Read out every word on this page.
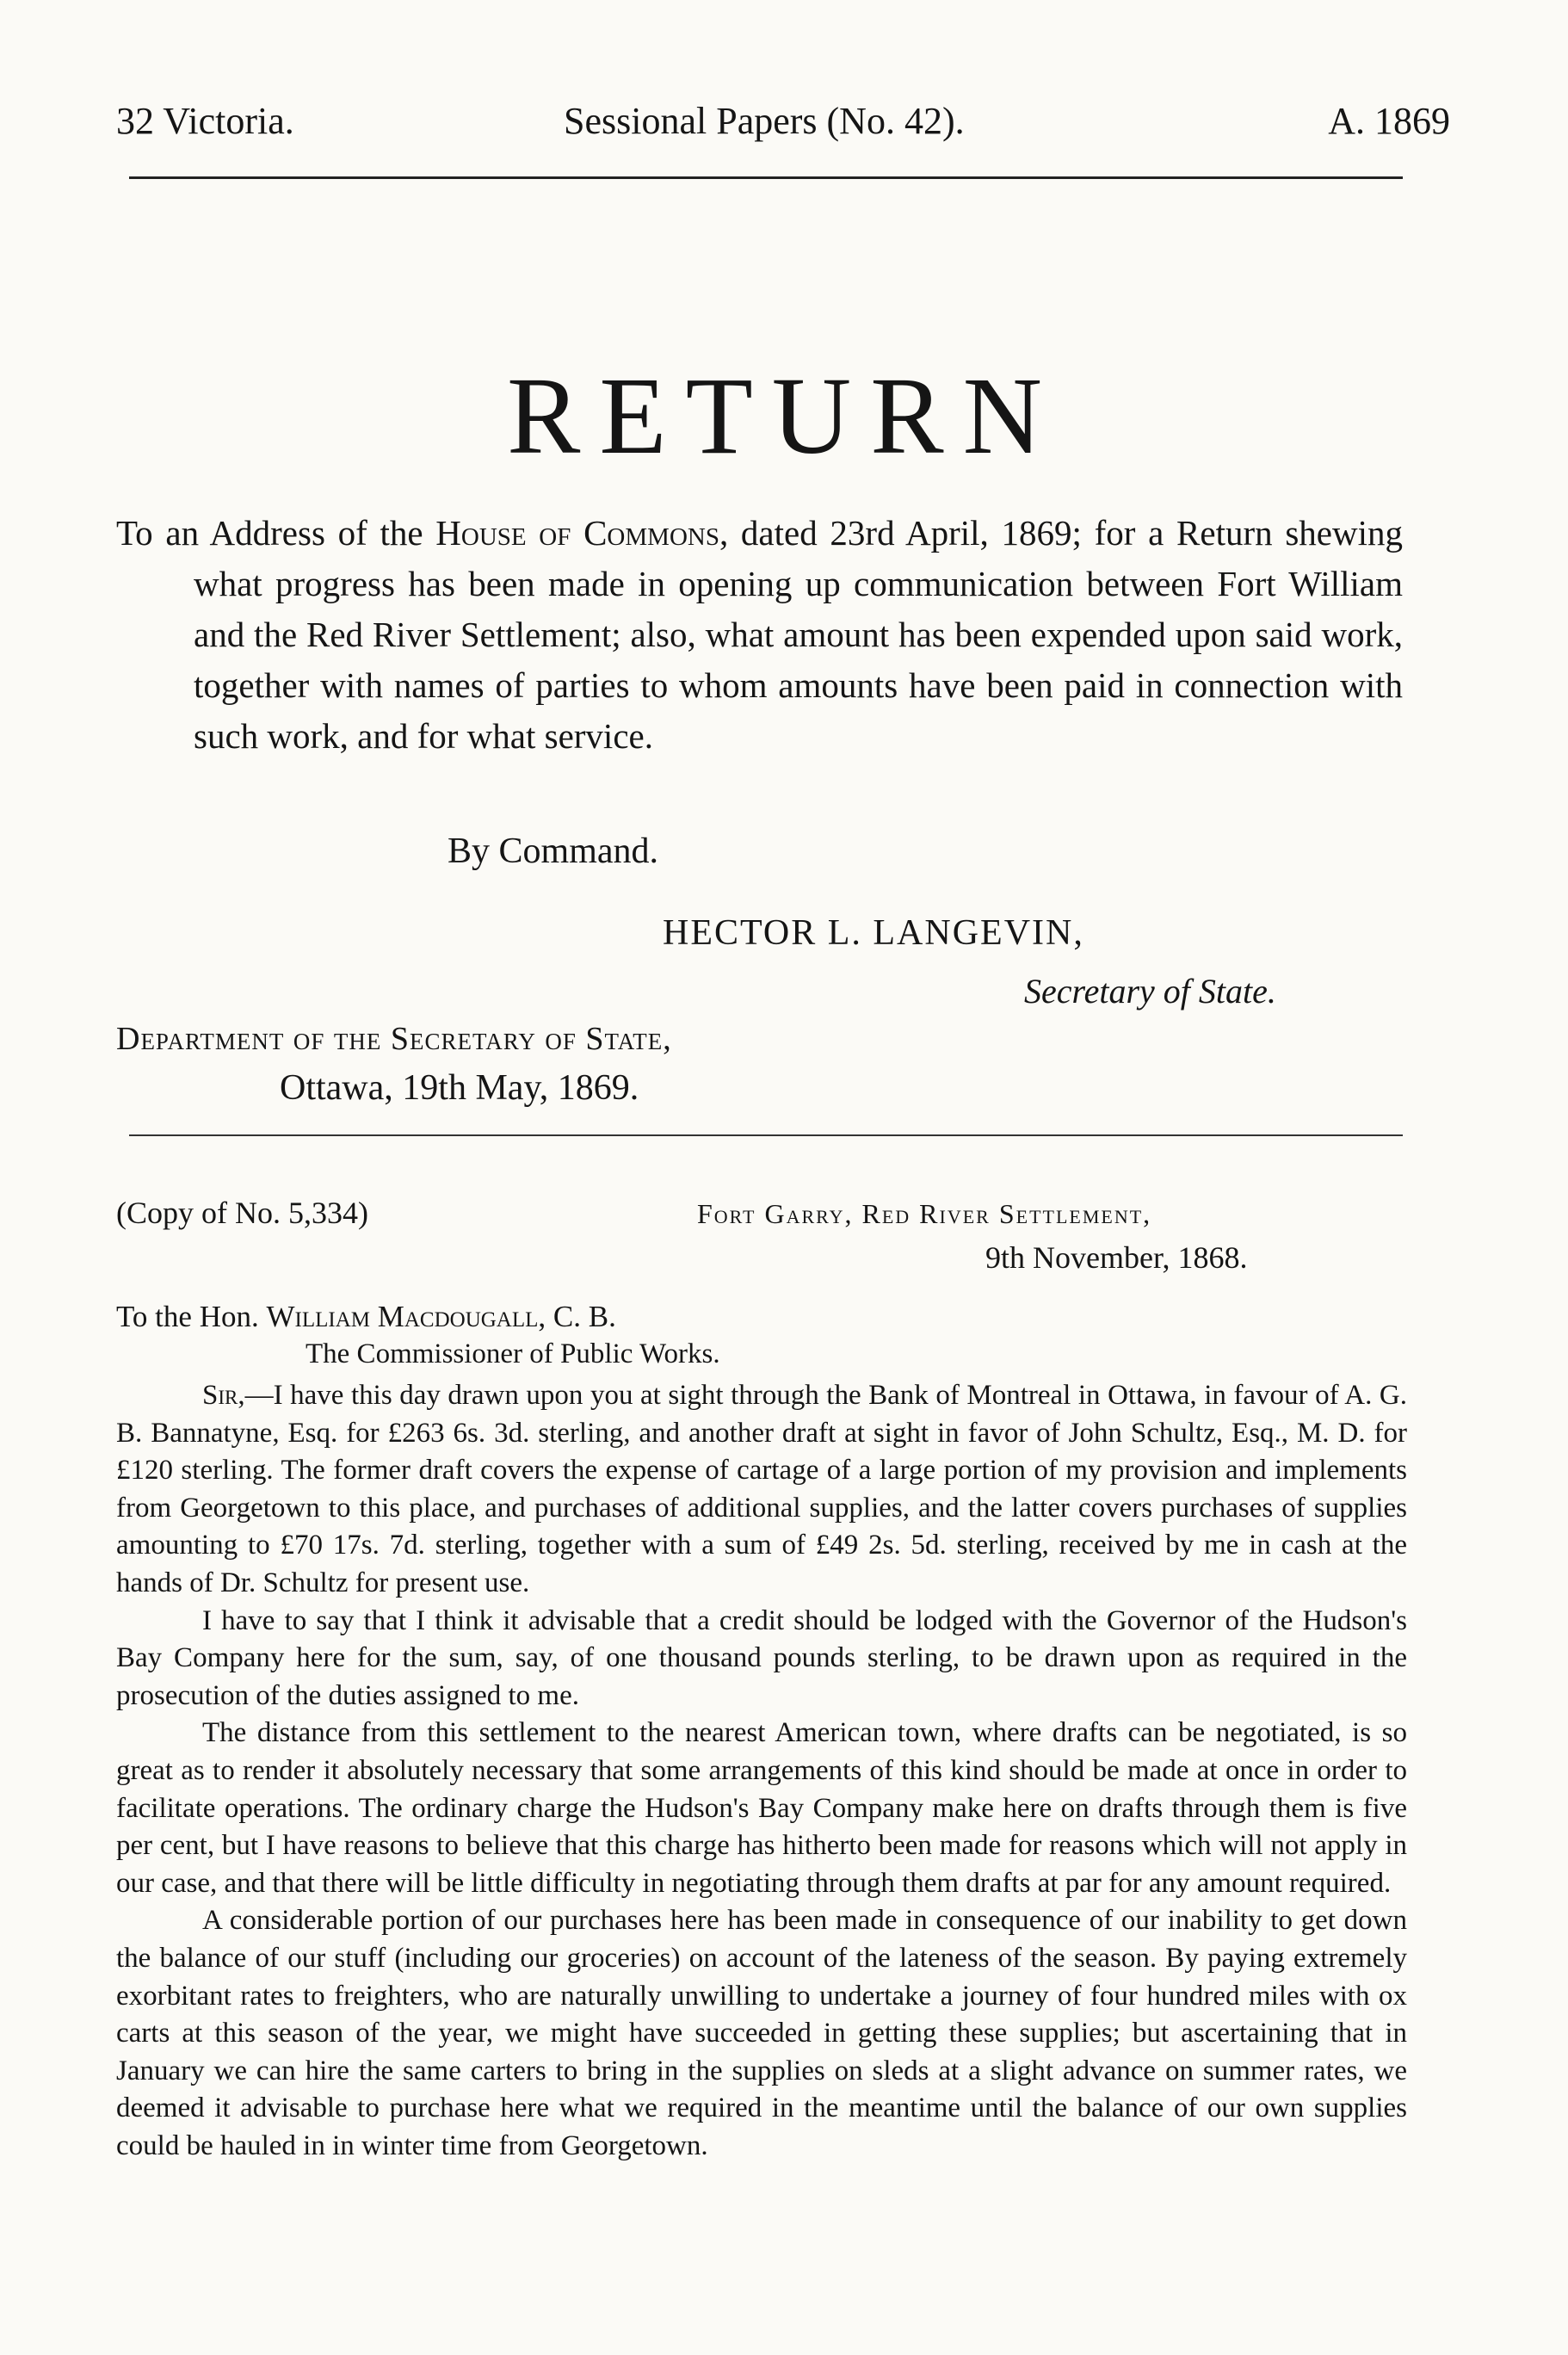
32 Victoria.	Sessional Papers (No. 42).	A. 1869
RETURN
To an Address of the House of Commons, dated 23rd April, 1869; for a Return shewing what progress has been made in opening up communication between Fort William and the Red River Settlement; also, what amount has been expended upon said work, together with names of parties to whom amounts have been paid in connection with such work, and for what service.
By Command.
HECTOR L. LANGEVIN,
Secretary of State.
Department of the Secretary of State,
Ottawa, 19th May, 1869.
(Copy of No. 5,334)	Fort Garry, Red River Settlement,
9th November, 1868.
To the Hon. William Macdougall, C. B.
The Commissioner of Public Works.

Sir,—I have this day drawn upon you at sight through the Bank of Montreal in Ottawa, in favour of A. G. B. Bannatyne, Esq. for £263 6s. 3d. sterling, and another draft at sight in favor of John Schultz, Esq., M. D. for £120 sterling. The former draft covers the expense of cartage of a large portion of my provision and implements from Georgetown to this place, and purchases of additional supplies, and the latter covers purchases of supplies amounting to £70 17s. 7d. sterling, together with a sum of £49 2s. 5d. sterling, received by me in cash at the hands of Dr. Schultz for present use.

I have to say that I think it advisable that a credit should be lodged with the Governor of the Hudson's Bay Company here for the sum, say, of one thousand pounds sterling, to be drawn upon as required in the prosecution of the duties assigned to me.

The distance from this settlement to the nearest American town, where drafts can be negotiated, is so great as to render it absolutely necessary that some arrangements of this kind should be made at once in order to facilitate operations. The ordinary charge the Hudson's Bay Company make here on drafts through them is five per cent, but I have reasons to believe that this charge has hitherto been made for reasons which will not apply in our case, and that there will be little difficulty in negotiating through them drafts at par for any amount required.

A considerable portion of our purchases here has been made in consequence of our inability to get down the balance of our stuff (including our groceries) on account of the lateness of the season. By paying extremely exorbitant rates to freighters, who are naturally unwilling to undertake a journey of four hundred miles with ox carts at this season of the year, we might have succeeded in getting these supplies; but ascertaining that in January we can hire the same carters to bring in the supplies on sleds at a slight advance on summer rates, we deemed it advisable to purchase here what we required in the meantime until the balance of our own supplies could be hauled in in winter time from Georgetown.
